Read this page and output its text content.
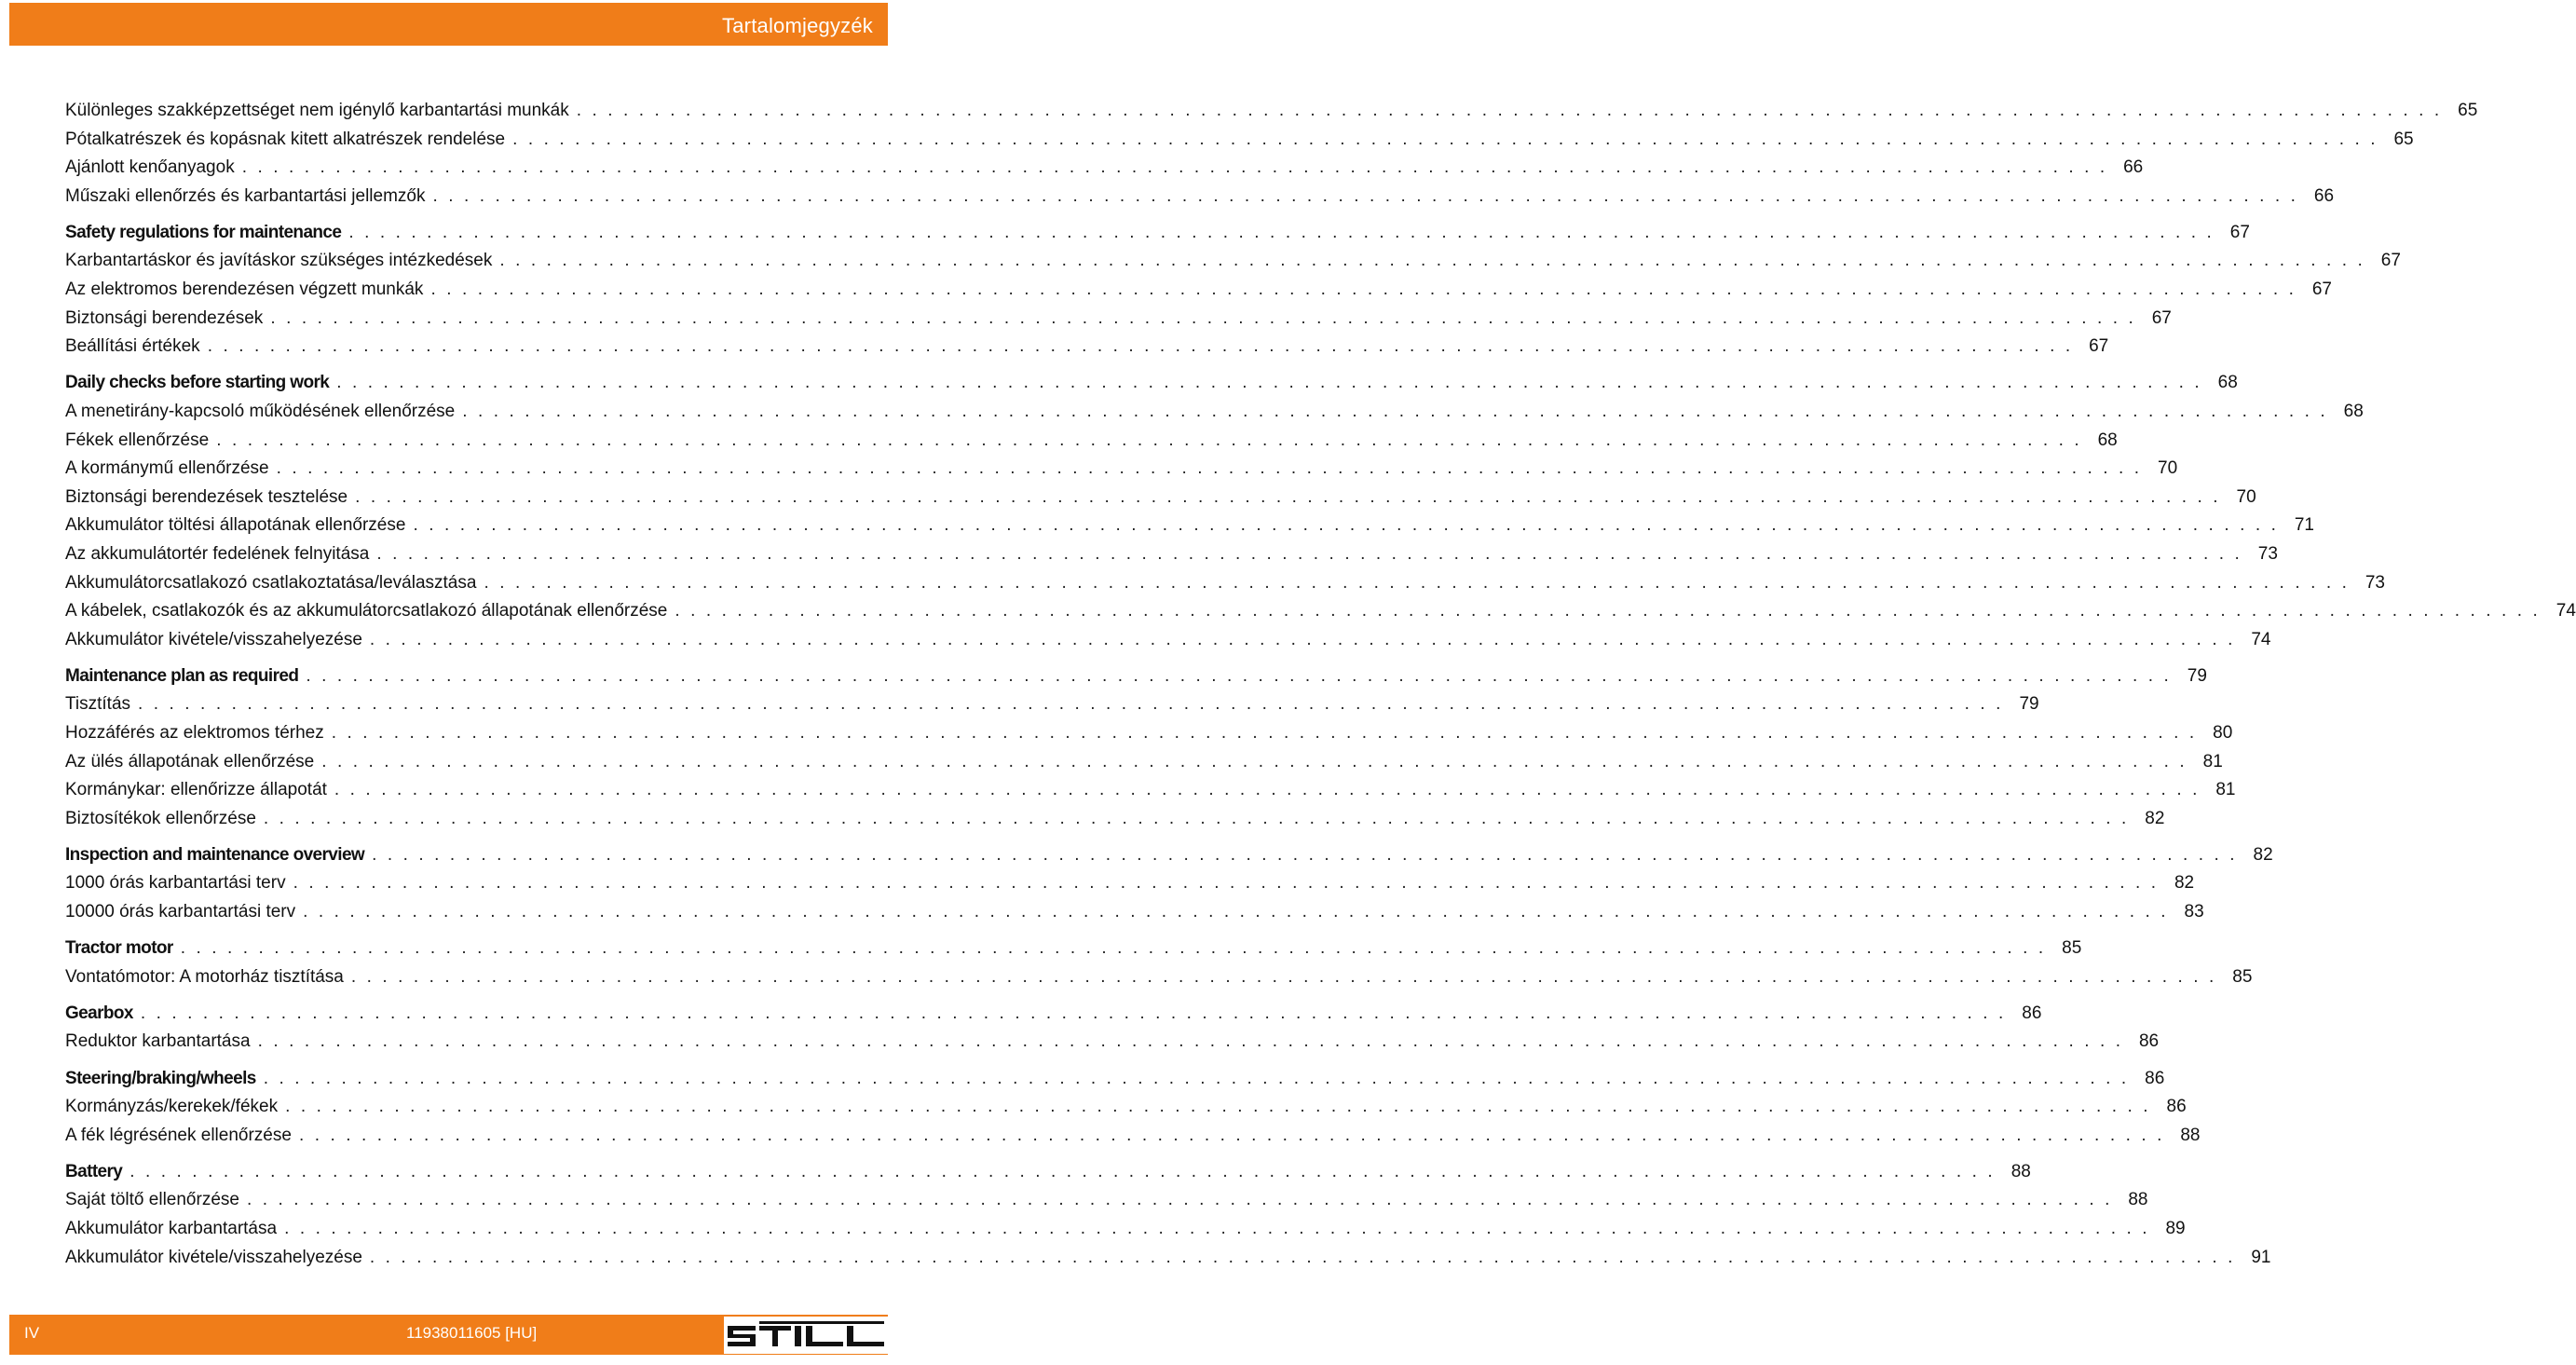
Tartalomjegyzék
Különleges szakképzettséget nem igénylő karbantartási munkák . . . . . . . . . . . . . . . . . . . . . . . . . . . . . . . . . . . . . . . . . . . . . . . . . . . . . . . . . . . . . . . . . . . . . . . . . . . . . . . . . . . . . . . . . . . . . . . . . . . . . . . . . . . . . . . . . . . . . . . . 65
Pótalkatrészek és kopásnak kitett alkatrészek rendelése . . . . . . . . . . . . . . . . . . . . . . . . . . . . . . . . . . . . . . . . . . . . . . . . . . . . . . . . . . . . . . . . . . . . . . . . . . . . . . . . . . . . . . . . . . . . . . . . . . . . . . . . . . . . . . . . . . . . . . . . 65
Ajánlott kenőanyagok . . . . . . . . . . . . . . . . . . . . . . . . . . . . . . . . . . . . . . . . . . . . . . . . . . . . . . . . . . . . . . . . . . . . . . . . . . . . . . . . . . . . . . . . . . . . . . . . . . . . . . . . . . . . . . . . . . . . . . . . 66
Műszaki ellenőrzés és karbantartási jellemzők . . . . . . . . . . . . . . . . . . . . . . . . . . . . . . . . . . . . . . . . . . . . . . . . . . . . . . . . . . . . . . . . . . . . . . . . . . . . . . . . . . . . . . . . . . . . . . . . . . . . . . . . . . . . . . . . . . . . . . . . 66
Safety regulations for maintenance . . . . . . . . . . . . . . . . . . . . . . . . . . . . . . . . . . . . . . . . . . . . . . . . . . . . . . . . . . . . . . . . . . . . . . . . . . . . . . . . . . . . . . . . . . . . . . . . . . . . . . . . . . . . . . . . . . . . . . . . 67
Karbantartáskor és javításkor szükséges intézkedések . . . . . . . . . . . . . . . . . . . . . . . . . . . . . . . . . . . . . . . . . . . . . . . . . . . . . . . . . . . . . . . . . . . . . . . . . . . . . . . . . . . . . . . . . . . . . . . . . . . . . . . . . . . . . . . . . . . . . . . . 67
Az elektromos berendezésen végzett munkák . . . . . . . . . . . . . . . . . . . . . . . . . . . . . . . . . . . . . . . . . . . . . . . . . . . . . . . . . . . . . . . . . . . . . . . . . . . . . . . . . . . . . . . . . . . . . . . . . . . . . . . . . . . . . . . . . . . . . . . . 67
Biztonsági berendezések . . . . . . . . . . . . . . . . . . . . . . . . . . . . . . . . . . . . . . . . . . . . . . . . . . . . . . . . . . . . . . . . . . . . . . . . . . . . . . . . . . . . . . . . . . . . . . . . . . . . . . . . . . . . . . . . . . . . . . . . 67
Beállítási értékek . . . . . . . . . . . . . . . . . . . . . . . . . . . . . . . . . . . . . . . . . . . . . . . . . . . . . . . . . . . . . . . . . . . . . . . . . . . . . . . . . . . . . . . . . . . . . . . . . . . . . . . . . . . . . . . . . . . . . . . . 67
Daily checks before starting work . . . . . . . . . . . . . . . . . . . . . . . . . . . . . . . . . . . . . . . . . . . . . . . . . . . . . . . . . . . . . . . . . . . . . . . . . . . . . . . . . . . . . . . . . . . . . . . . . . . . . . . . . . . . . . . . . . . . . . . . 68
A menetirány-kapcsoló működésének ellenőrzése . . . . . . . . . . . . . . . . . . . . . . . . . . . . . . . . . . . . . . . . . . . . . . . . . . . . . . . . . . . . . . . . . . . . . . . . . . . . . . . . . . . . . . . . . . . . . . . . . . . . . . . . . . . . . . . . . . . . . . . . 68
Fékek ellenőrzése . . . . . . . . . . . . . . . . . . . . . . . . . . . . . . . . . . . . . . . . . . . . . . . . . . . . . . . . . . . . . . . . . . . . . . . . . . . . . . . . . . . . . . . . . . . . . . . . . . . . . . . . . . . . . . . . . . . . . . . . 68
A kormánymű ellenőrzése . . . . . . . . . . . . . . . . . . . . . . . . . . . . . . . . . . . . . . . . . . . . . . . . . . . . . . . . . . . . . . . . . . . . . . . . . . . . . . . . . . . . . . . . . . . . . . . . . . . . . . . . . . . . . . . . . . . . . . . . 70
Biztonsági berendezések tesztelése . . . . . . . . . . . . . . . . . . . . . . . . . . . . . . . . . . . . . . . . . . . . . . . . . . . . . . . . . . . . . . . . . . . . . . . . . . . . . . . . . . . . . . . . . . . . . . . . . . . . . . . . . . . . . . . . . . . . . . . . 70
Akkumulátor töltési állapotának ellenőrzése . . . . . . . . . . . . . . . . . . . . . . . . . . . . . . . . . . . . . . . . . . . . . . . . . . . . . . . . . . . . . . . . . . . . . . . . . . . . . . . . . . . . . . . . . . . . . . . . . . . . . . . . . . . . . . . . . . . . . . . . 71
Az akkumulátortér fedelének felnyitása . . . . . . . . . . . . . . . . . . . . . . . . . . . . . . . . . . . . . . . . . . . . . . . . . . . . . . . . . . . . . . . . . . . . . . . . . . . . . . . . . . . . . . . . . . . . . . . . . . . . . . . . . . . . . . . . . . . . . . . . 73
Akkumulátorcsatlakozó csatlakoztatása/leválasztása . . . . . . . . . . . . . . . . . . . . . . . . . . . . . . . . . . . . . . . . . . . . . . . . . . . . . . . . . . . . . . . . . . . . . . . . . . . . . . . . . . . . . . . . . . . . . . . . . . . . . . . . . . . . . . . . . . . . . . . . 73
A kábelek, csatlakozók és az akkumulátorcsatlakozó állapotának ellenőrzése . . . . . . . . . . . . . . . . . . . . . . . . . . . . . . . . . . . . . . . . . . . . . . . . . . . . . . . . . . . . . . . . . . . . . . . . . . . . . . . . . . . . . . . . . . . . . . . . . . . . . . . . . . . . . . . . . . . . . . . . 74
Akkumulátor kivétele/visszahelyezése . . . . . . . . . . . . . . . . . . . . . . . . . . . . . . . . . . . . . . . . . . . . . . . . . . . . . . . . . . . . . . . . . . . . . . . . . . . . . . . . . . . . . . . . . . . . . . . . . . . . . . . . . . . . . . . . . . . . . . . . 74
Maintenance plan as required . . . . . . . . . . . . . . . . . . . . . . . . . . . . . . . . . . . . . . . . . . . . . . . . . . . . . . . . . . . . . . . . . . . . . . . . . . . . . . . . . . . . . . . . . . . . . . . . . . . . . . . . . . . . . . . . . . . . . . . . 79
Tisztítás . . . . . . . . . . . . . . . . . . . . . . . . . . . . . . . . . . . . . . . . . . . . . . . . . . . . . . . . . . . . . . . . . . . . . . . . . . . . . . . . . . . . . . . . . . . . . . . . . . . . . . . . . . . . . . . . . . . . . . . . 79
Hozzáférés az elektromos térhez . . . . . . . . . . . . . . . . . . . . . . . . . . . . . . . . . . . . . . . . . . . . . . . . . . . . . . . . . . . . . . . . . . . . . . . . . . . . . . . . . . . . . . . . . . . . . . . . . . . . . . . . . . . . . . . . . . . . . . . . 80
Az ülés állapotának ellenőrzése . . . . . . . . . . . . . . . . . . . . . . . . . . . . . . . . . . . . . . . . . . . . . . . . . . . . . . . . . . . . . . . . . . . . . . . . . . . . . . . . . . . . . . . . . . . . . . . . . . . . . . . . . . . . . . . . . . . . . . . . 81
Kormánykar: ellenőrizze állapotát . . . . . . . . . . . . . . . . . . . . . . . . . . . . . . . . . . . . . . . . . . . . . . . . . . . . . . . . . . . . . . . . . . . . . . . . . . . . . . . . . . . . . . . . . . . . . . . . . . . . . . . . . . . . . . . . . . . . . . . . 81
Biztosítékok ellenőrzése . . . . . . . . . . . . . . . . . . . . . . . . . . . . . . . . . . . . . . . . . . . . . . . . . . . . . . . . . . . . . . . . . . . . . . . . . . . . . . . . . . . . . . . . . . . . . . . . . . . . . . . . . . . . . . . . . . . . . . . . 82
Inspection and maintenance overview . . . . . . . . . . . . . . . . . . . . . . . . . . . . . . . . . . . . . . . . . . . . . . . . . . . . . . . . . . . . . . . . . . . . . . . . . . . . . . . . . . . . . . . . . . . . . . . . . . . . . . . . . . . . . . . . . . . . . . . . 82
1000 órás karbantartási terv . . . . . . . . . . . . . . . . . . . . . . . . . . . . . . . . . . . . . . . . . . . . . . . . . . . . . . . . . . . . . . . . . . . . . . . . . . . . . . . . . . . . . . . . . . . . . . . . . . . . . . . . . . . . . . . . . . . . . . . . 82
10000 órás karbantartási terv . . . . . . . . . . . . . . . . . . . . . . . . . . . . . . . . . . . . . . . . . . . . . . . . . . . . . . . . . . . . . . . . . . . . . . . . . . . . . . . . . . . . . . . . . . . . . . . . . . . . . . . . . . . . . . . . . . . . . . . . 83
Tractor motor . . . . . . . . . . . . . . . . . . . . . . . . . . . . . . . . . . . . . . . . . . . . . . . . . . . . . . . . . . . . . . . . . . . . . . . . . . . . . . . . . . . . . . . . . . . . . . . . . . . . . . . . . . . . . . . . . . . . . . . . 85
Vontatómotor: A motorház tisztítása . . . . . . . . . . . . . . . . . . . . . . . . . . . . . . . . . . . . . . . . . . . . . . . . . . . . . . . . . . . . . . . . . . . . . . . . . . . . . . . . . . . . . . . . . . . . . . . . . . . . . . . . . . . . . . . . . . . . . . . . 85
Gearbox . . . . . . . . . . . . . . . . . . . . . . . . . . . . . . . . . . . . . . . . . . . . . . . . . . . . . . . . . . . . . . . . . . . . . . . . . . . . . . . . . . . . . . . . . . . . . . . . . . . . . . . . . . . . . . . . . . . . . . . . 86
Reduktor karbantartása . . . . . . . . . . . . . . . . . . . . . . . . . . . . . . . . . . . . . . . . . . . . . . . . . . . . . . . . . . . . . . . . . . . . . . . . . . . . . . . . . . . . . . . . . . . . . . . . . . . . . . . . . . . . . . . . . . . . . . . . 86
Steering/braking/wheels . . . . . . . . . . . . . . . . . . . . . . . . . . . . . . . . . . . . . . . . . . . . . . . . . . . . . . . . . . . . . . . . . . . . . . . . . . . . . . . . . . . . . . . . . . . . . . . . . . . . . . . . . . . . . . . . . . . . . . . . 86
Kormányzás/kerekek/fékek . . . . . . . . . . . . . . . . . . . . . . . . . . . . . . . . . . . . . . . . . . . . . . . . . . . . . . . . . . . . . . . . . . . . . . . . . . . . . . . . . . . . . . . . . . . . . . . . . . . . . . . . . . . . . . . . . . . . . . . . 86
A fék légrésének ellenőrzése . . . . . . . . . . . . . . . . . . . . . . . . . . . . . . . . . . . . . . . . . . . . . . . . . . . . . . . . . . . . . . . . . . . . . . . . . . . . . . . . . . . . . . . . . . . . . . . . . . . . . . . . . . . . . . . . . . . . . . . . 88
Battery . . . . . . . . . . . . . . . . . . . . . . . . . . . . . . . . . . . . . . . . . . . . . . . . . . . . . . . . . . . . . . . . . . . . . . . . . . . . . . . . . . . . . . . . . . . . . . . . . . . . . . . . . . . . . . . . . . . . . . . . 88
Saját töltő ellenőrzése . . . . . . . . . . . . . . . . . . . . . . . . . . . . . . . . . . . . . . . . . . . . . . . . . . . . . . . . . . . . . . . . . . . . . . . . . . . . . . . . . . . . . . . . . . . . . . . . . . . . . . . . . . . . . . . . . . . . . . . . 88
Akkumulátor karbantartása . . . . . . . . . . . . . . . . . . . . . . . . . . . . . . . . . . . . . . . . . . . . . . . . . . . . . . . . . . . . . . . . . . . . . . . . . . . . . . . . . . . . . . . . . . . . . . . . . . . . . . . . . . . . . . . . . . . . . . . . 89
Akkumulátor kivétele/visszahelyezése . . . . . . . . . . . . . . . . . . . . . . . . . . . . . . . . . . . . . . . . . . . . . . . . . . . . . . . . . . . . . . . . . . . . . . . . . . . . . . . . . . . . . . . . . . . . . . . . . . . . . . . . . . . . . . . . . . . . . . . . 91
IV	11938011605 [HU]
